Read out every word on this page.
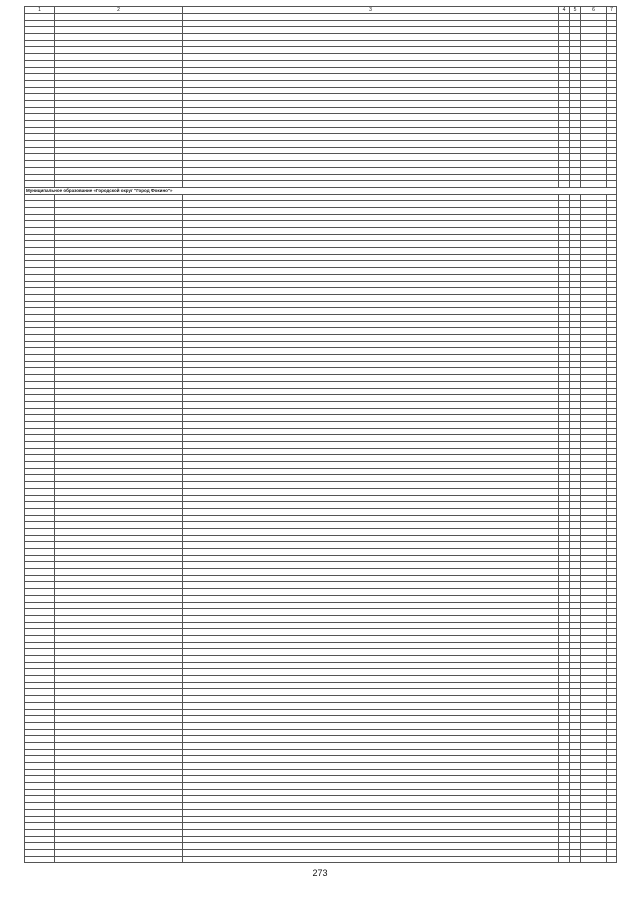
1	2	3	4	5	6	7

Муниципальное образование «Городской округ "Город Фокино"»						

273
